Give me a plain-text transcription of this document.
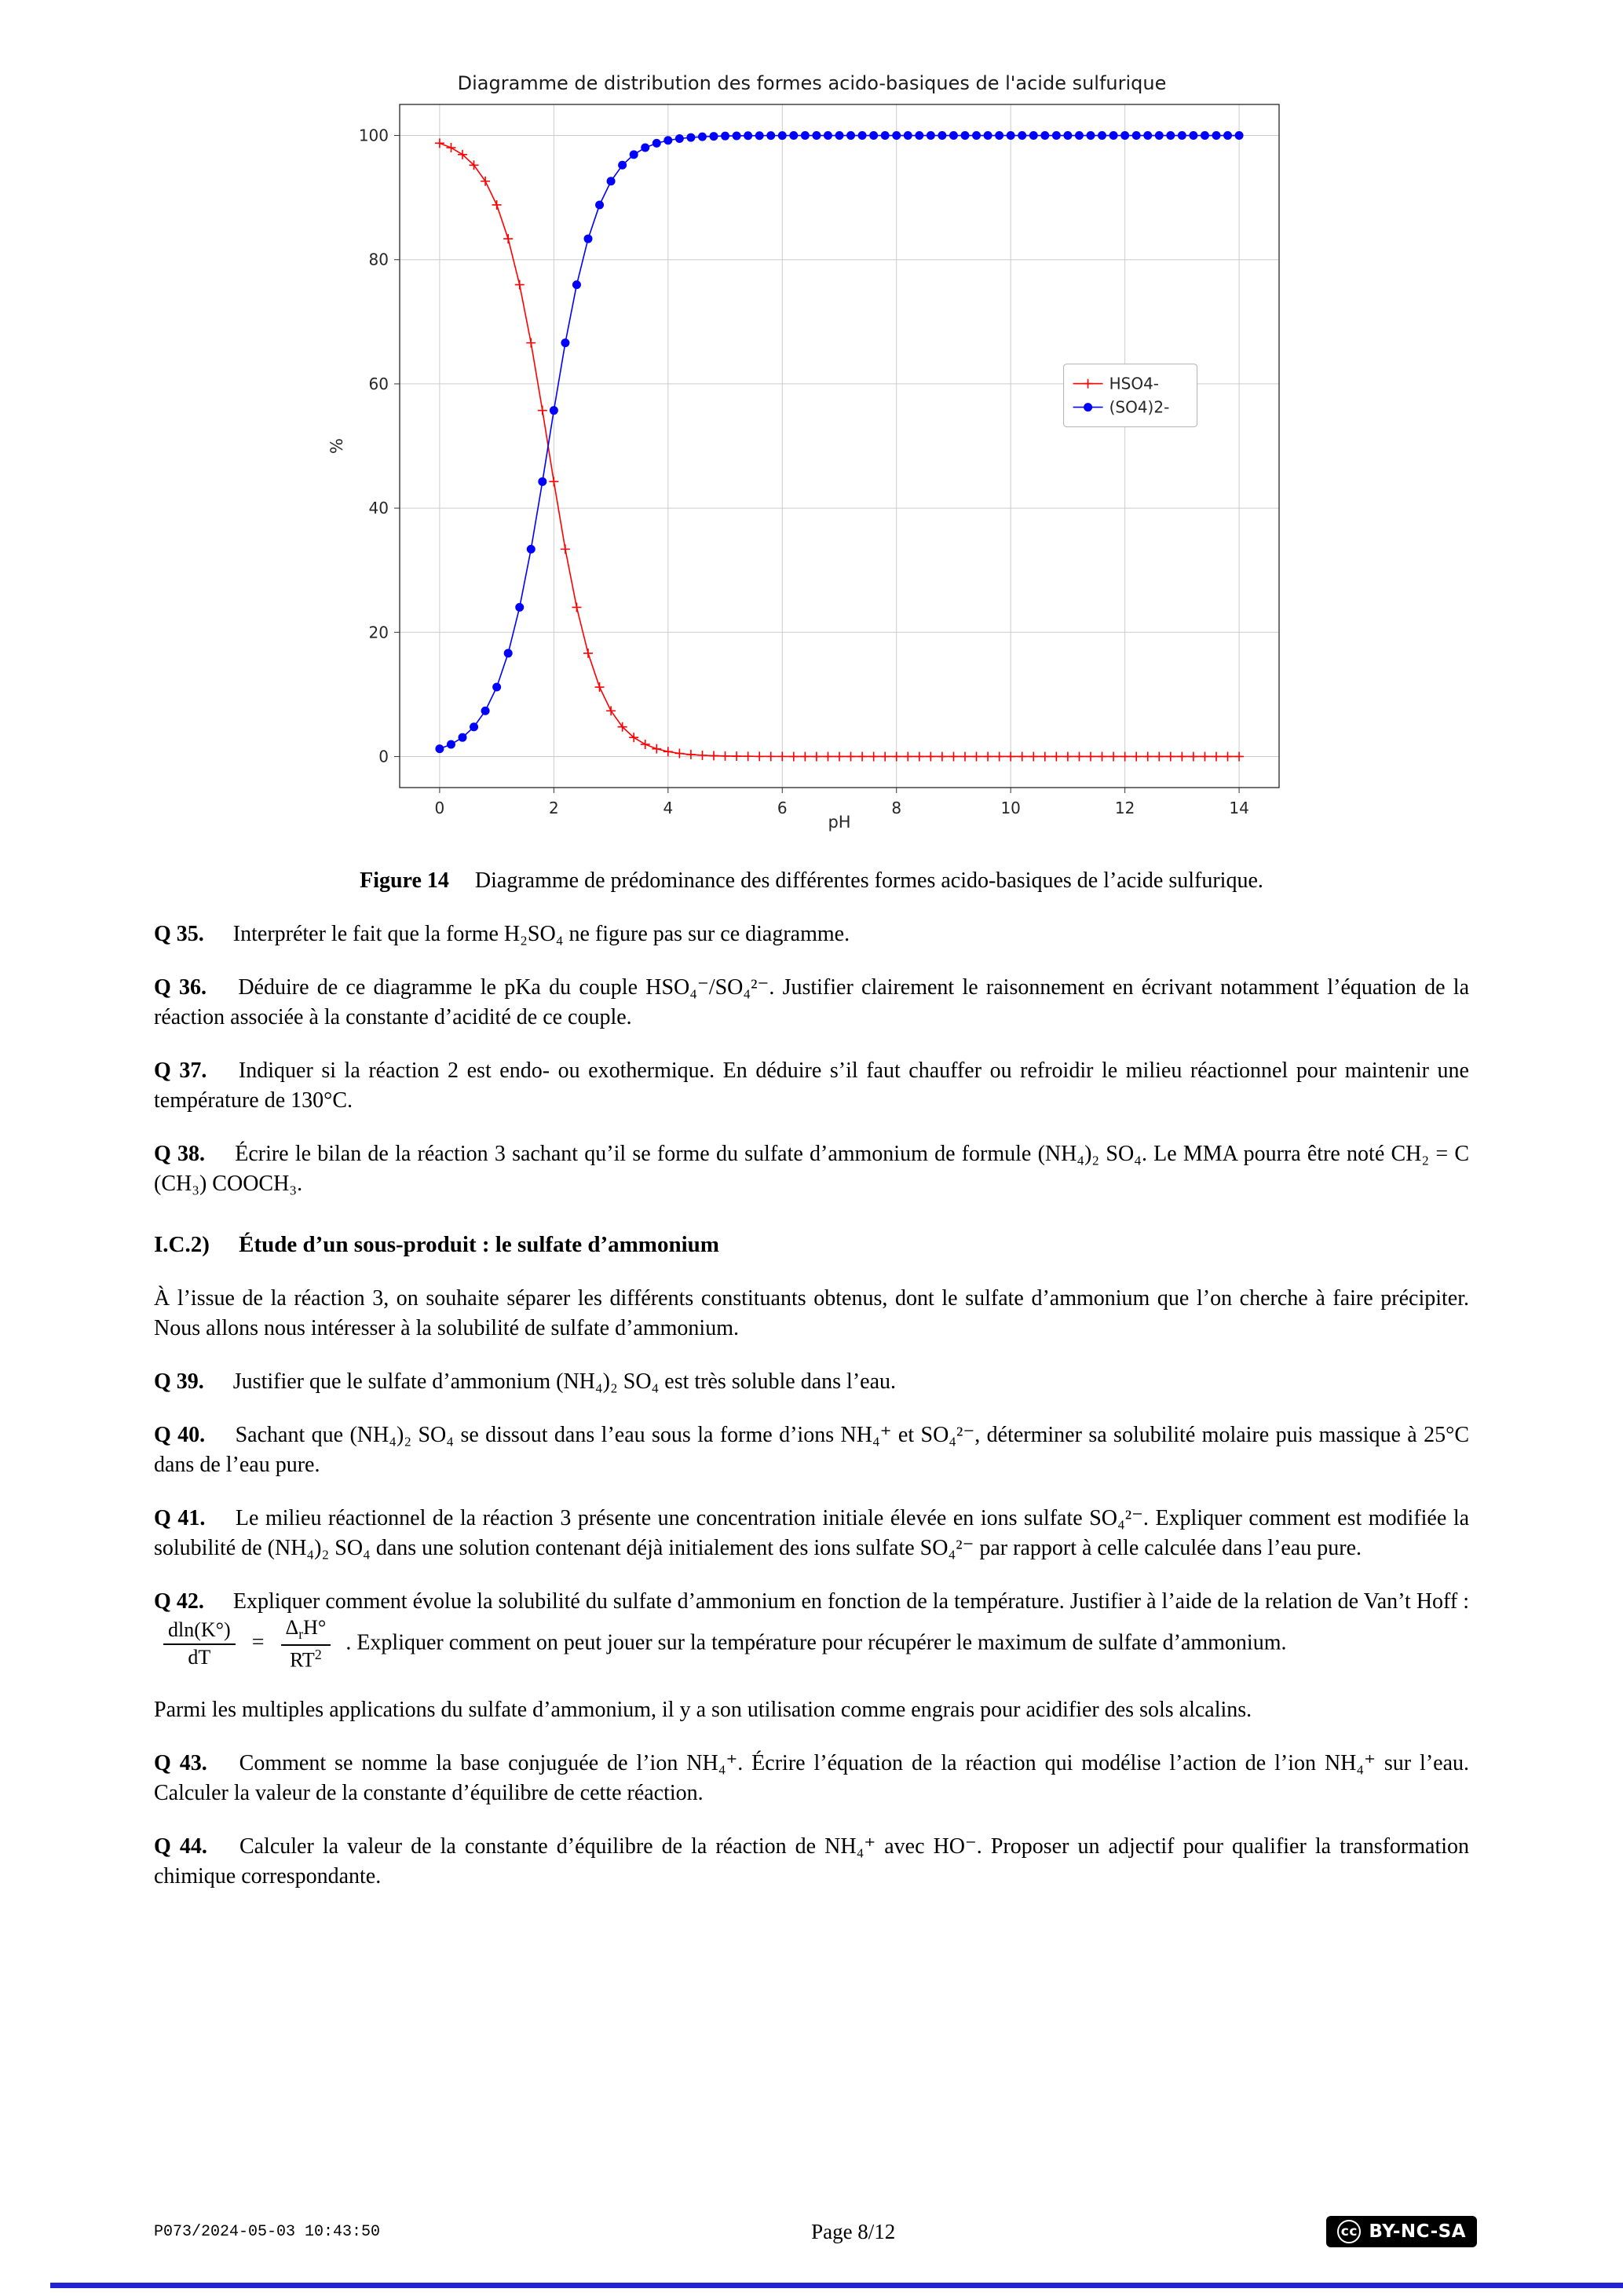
0	2	4	6	8	10	12	14
0
20
40
60
80
100
Diagramme de distribution des formes acido-basiques de l'acide sulfurique
pH
%
HSO4-
(SO4)2-

Figure 14 Diagramme de prédominance des différentes formes acido-basiques de l’acide sulfurique.

Q 35. Interpréter le fait que la forme H₂SO₄ ne figure pas sur ce diagramme.

Q 36. Déduire de ce diagramme le pKa du couple HSO₄⁻/SO₄²⁻. Justifier clairement le raisonnement en écrivant notamment l’équation de la réaction associée à la constante d’acidité de ce couple.

Q 37. Indiquer si la réaction 2 est endo- ou exothermique. En déduire s’il faut chauffer ou refroidir le milieu réactionnel pour maintenir une température de 130°C.

Q 38. Écrire le bilan de la réaction 3 sachant qu’il se forme du sulfate d’ammonium de formule (NH₄)₂ SO₄. Le MMA pourra être noté CH₂ = C (CH₃) COOCH₃.

I.C.2) Étude d’un sous-produit : le sulfate d’ammonium

À l’issue de la réaction 3, on souhaite séparer les différents constituants obtenus, dont le sulfate d’ammonium que l’on cherche à faire précipiter. Nous allons nous intéresser à la solubilité de sulfate d’ammonium.

Q 39. Justifier que le sulfate d’ammonium (NH₄)₂ SO₄ est très soluble dans l’eau.

Q 40. Sachant que (NH₄)₂ SO₄ se dissout dans l’eau sous la forme d’ions NH₄⁺ et SO₄²⁻, déterminer sa solubilité molaire puis massique à 25°C dans de l’eau pure.

Q 41. Le milieu réactionnel de la réaction 3 présente une concentration initiale élevée en ions sulfate SO₄²⁻. Expliquer comment est modifiée la solubilité de (NH₄)₂ SO₄ dans une solution contenant déjà initialement des ions sulfate SO₄²⁻ par rapport à celle calculée dans l’eau pure.

Q 42. Expliquer comment évolue la solubilité du sulfate d’ammonium en fonction de la température. Justifier à l’aide de la relation de Van’t Hoff :
$\frac{dln(K^\circ)}{dT} = \frac{\Delta_rH^\circ}{RT^2}$ . Expliquer comment on peut jouer sur la température pour récupérer le maximum de sulfate d’ammonium.

Parmi les multiples applications du sulfate d’ammonium, il y a son utilisation comme engrais pour acidifier des sols alcalins.

Q 43. Comment se nomme la base conjuguée de l’ion NH₄⁺. Écrire l’équation de la réaction qui modélise l’action de l’ion NH₄⁺ sur l’eau. Calculer la valeur de la constante d’équilibre de cette réaction.

Q 44. Calculer la valeur de la constante d’équilibre de la réaction de NH₄⁺ avec HO⁻. Proposer un adjectif pour qualifier la transformation chimique correspondante.

P073/2024-05-03 10:43:50	Page 8/12	cc BY-NC-SA
